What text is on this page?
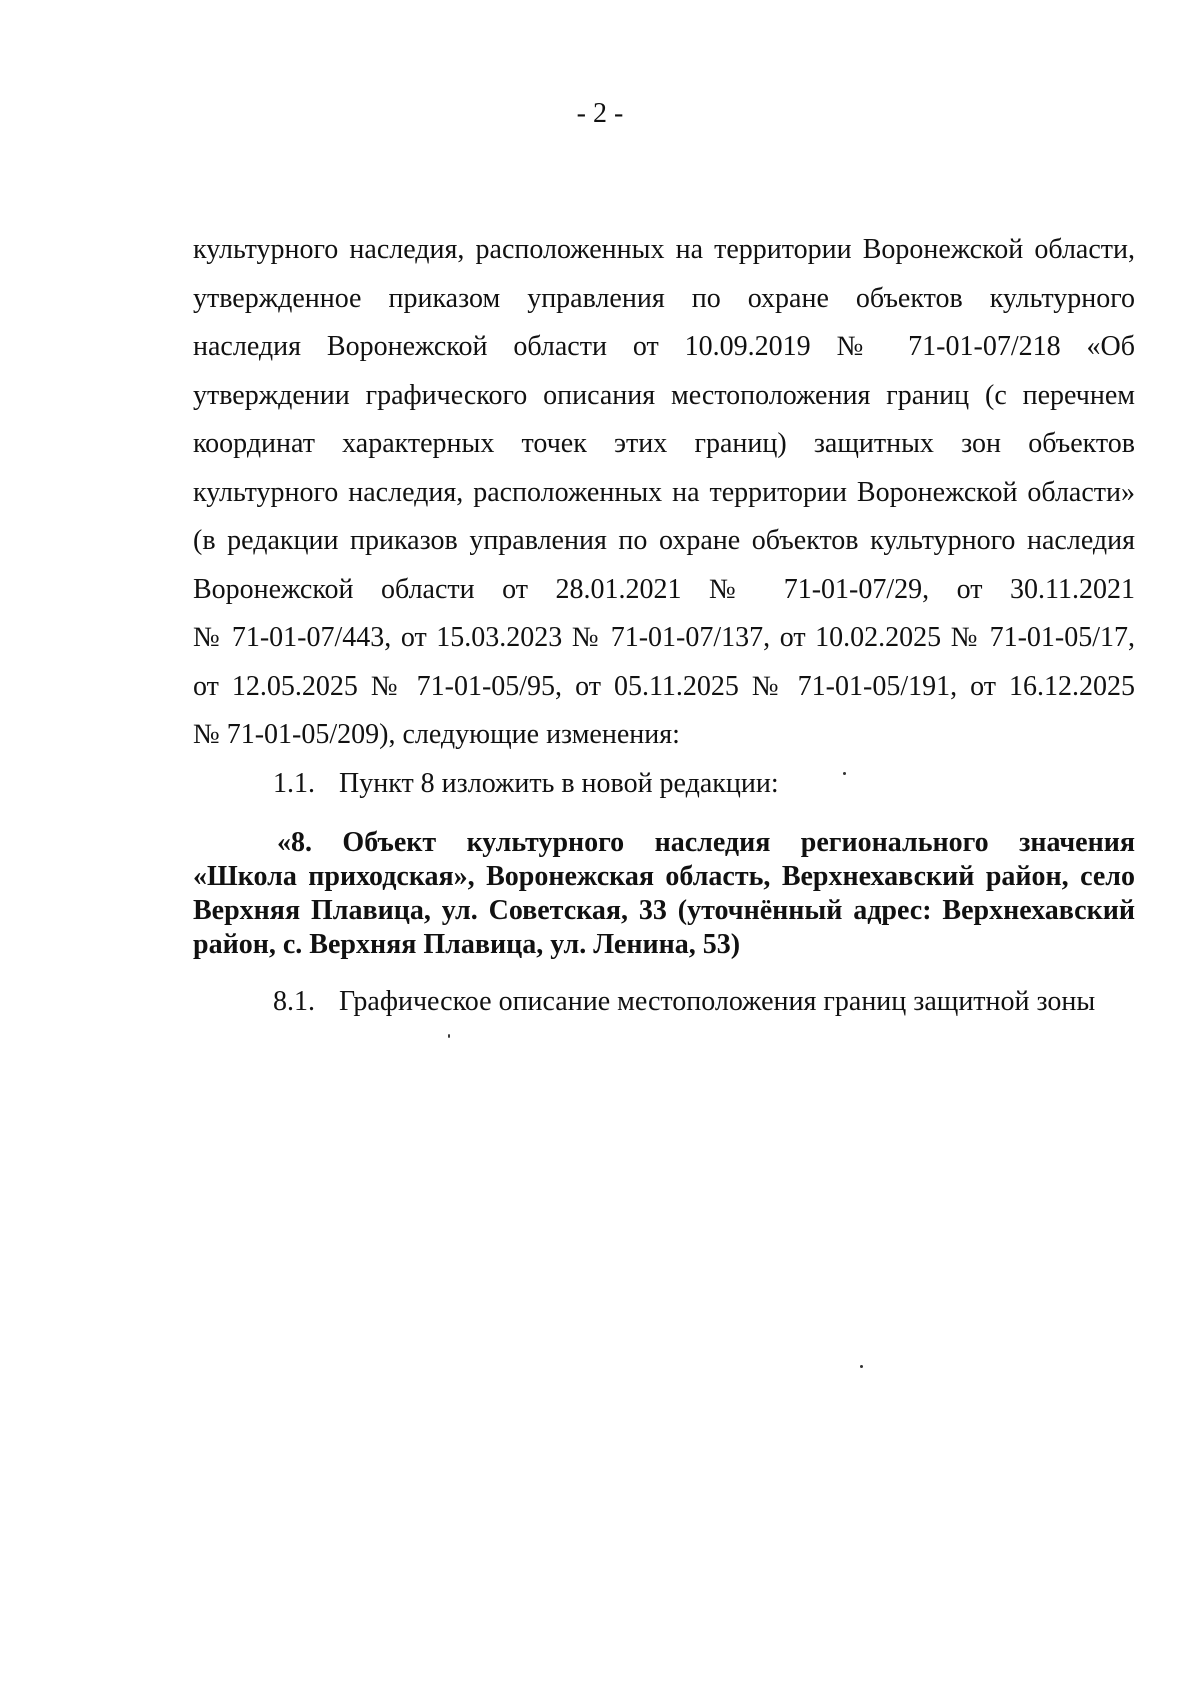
- 2 -
культурного наследия, расположенных на территории Воронежской области,
утвержденное приказом управления по охране объектов культурного
наследия Воронежской области от 10.09.2019 № 71-01-07/218 «Об
утверждении графического описания местоположения границ (с перечнем
координат характерных точек этих границ) защитных зон объектов
культурного наследия, расположенных на территории Воронежской области»
(в редакции приказов управления по охране объектов культурного наследия
Воронежской области от 28.01.2021 № 71-01-07/29, от 30.11.2021
№ 71-01-07/443, от 15.03.2023 № 71-01-07/137, от 10.02.2025 № 71-01-05/17,
от 12.05.2025 № 71-01-05/95, от 05.11.2025 № 71-01-05/191, от 16.12.2025
№ 71-01-05/209), следующие изменения:
1.1. Пункт 8 изложить в новой редакции:
«8. Объект культурного наследия регионального значения
«Школа приходская», Воронежская область, Верхнехавский район, село
Верхняя Плавица, ул. Советская, 33 (уточнённый адрес: Верхнехавский
район, с. Верхняя Плавица, ул. Ленина, 53)
8.1. Графическое описание местоположения границ защитной зоны
